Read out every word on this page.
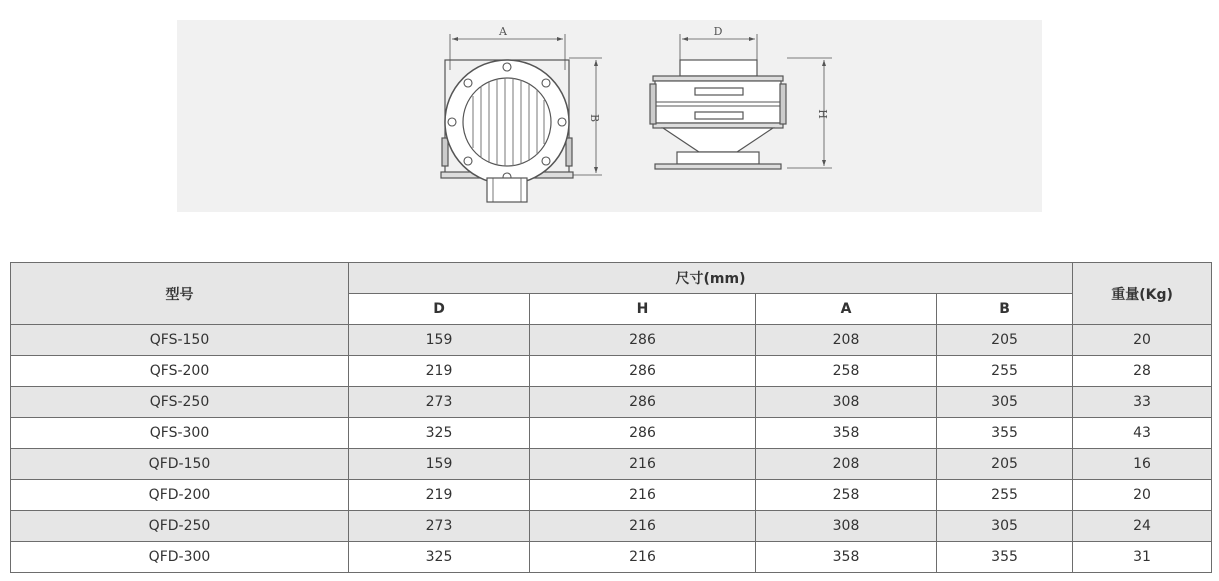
A
B
D
H
型号	尺寸(mm)				重量(Kg)
	D	H	A	B	
QFS-150	159	286	208	205	20
QFS-200	219	286	258	255	28
QFS-250	273	286	308	305	33
QFS-300	325	286	358	355	43
QFD-150	159	216	208	205	16
QFD-200	219	216	258	255	20
QFD-250	273	216	308	305	24
QFD-300	325	216	358	355	31
